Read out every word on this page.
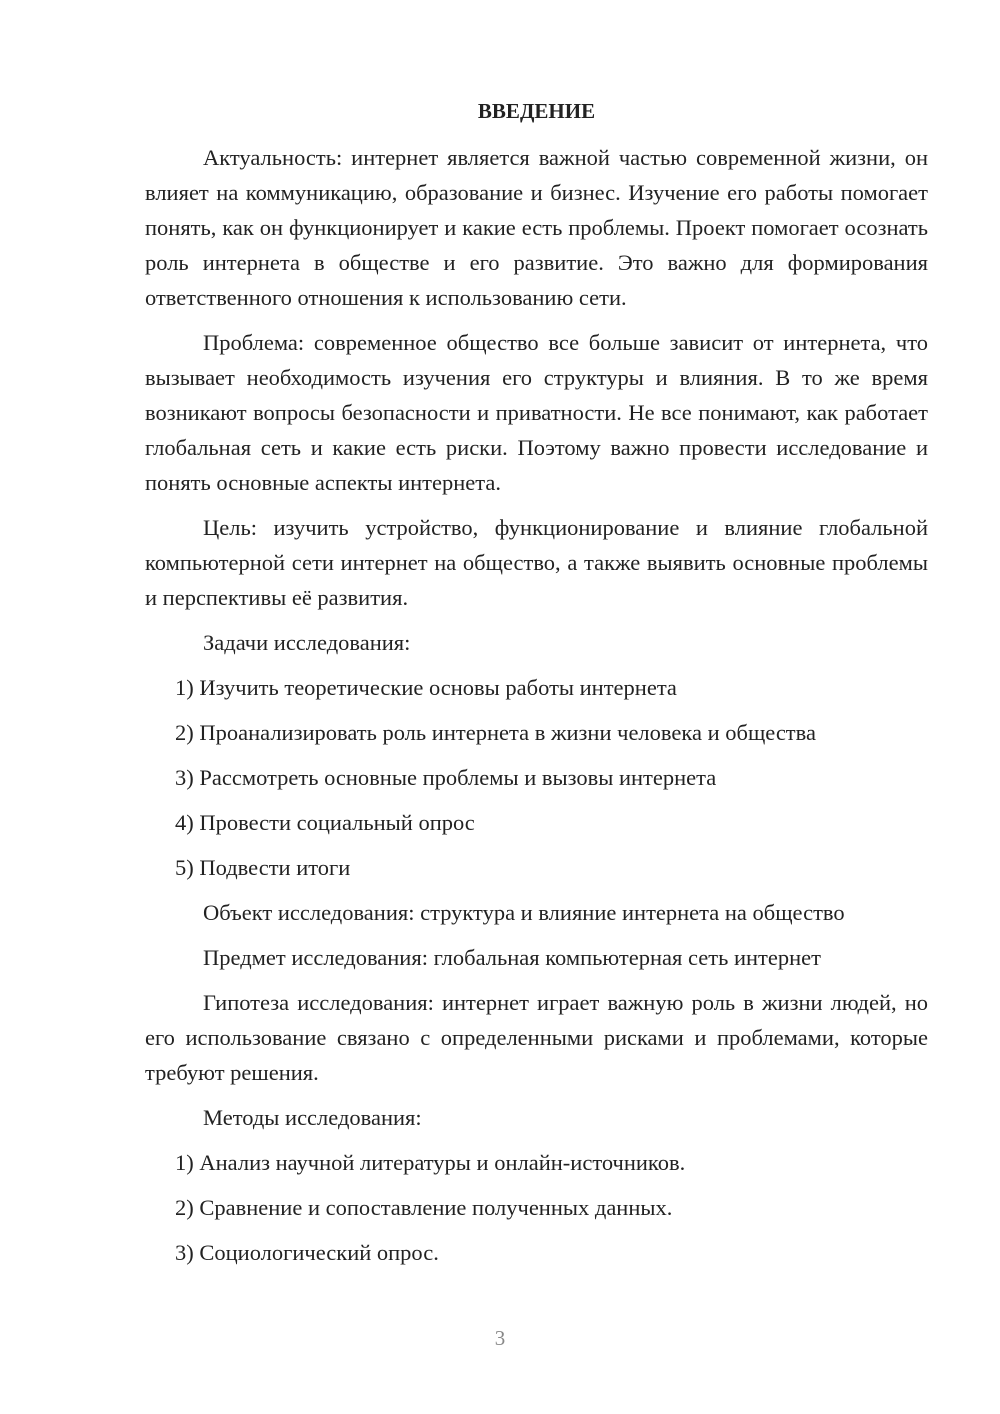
ВВЕДЕНИЕ

Актуальность: интернет является важной частью современной жизни, он влияет на коммуникацию, образование и бизнес. Изучение его работы помогает понять, как он функционирует и какие есть проблемы. Проект помогает осознать роль интернета в обществе и его развитие. Это важно для формирования ответственного отношения к использованию сети.

Проблема: современное общество все больше зависит от интернета, что вызывает необходимость изучения его структуры и влияния. В то же время возникают вопросы безопасности и приватности. Не все понимают, как работает глобальная сеть и какие есть риски. Поэтому важно провести исследование и понять основные аспекты интернета.

Цель: изучить устройство, функционирование и влияние глобальной компьютерной сети интернет на общество, а также выявить основные проблемы и перспективы её развития.

Задачи исследования:

1) Изучить теоретические основы работы интернета

2) Проанализировать роль интернета в жизни человека и общества

3) Рассмотреть основные проблемы и вызовы интернета

4) Провести социальный опрос

5) Подвести итоги

Объект исследования: структура и влияние интернета на общество

Предмет исследования: глобальная компьютерная сеть интернет

Гипотеза исследования: интернет играет важную роль в жизни людей, но его использование связано с определенными рисками и проблемами, которые требуют решения.

Методы исследования:

1) Анализ научной литературы и онлайн-источников.

2) Сравнение и сопоставление полученных данных.

3) Социологический опрос.

3
